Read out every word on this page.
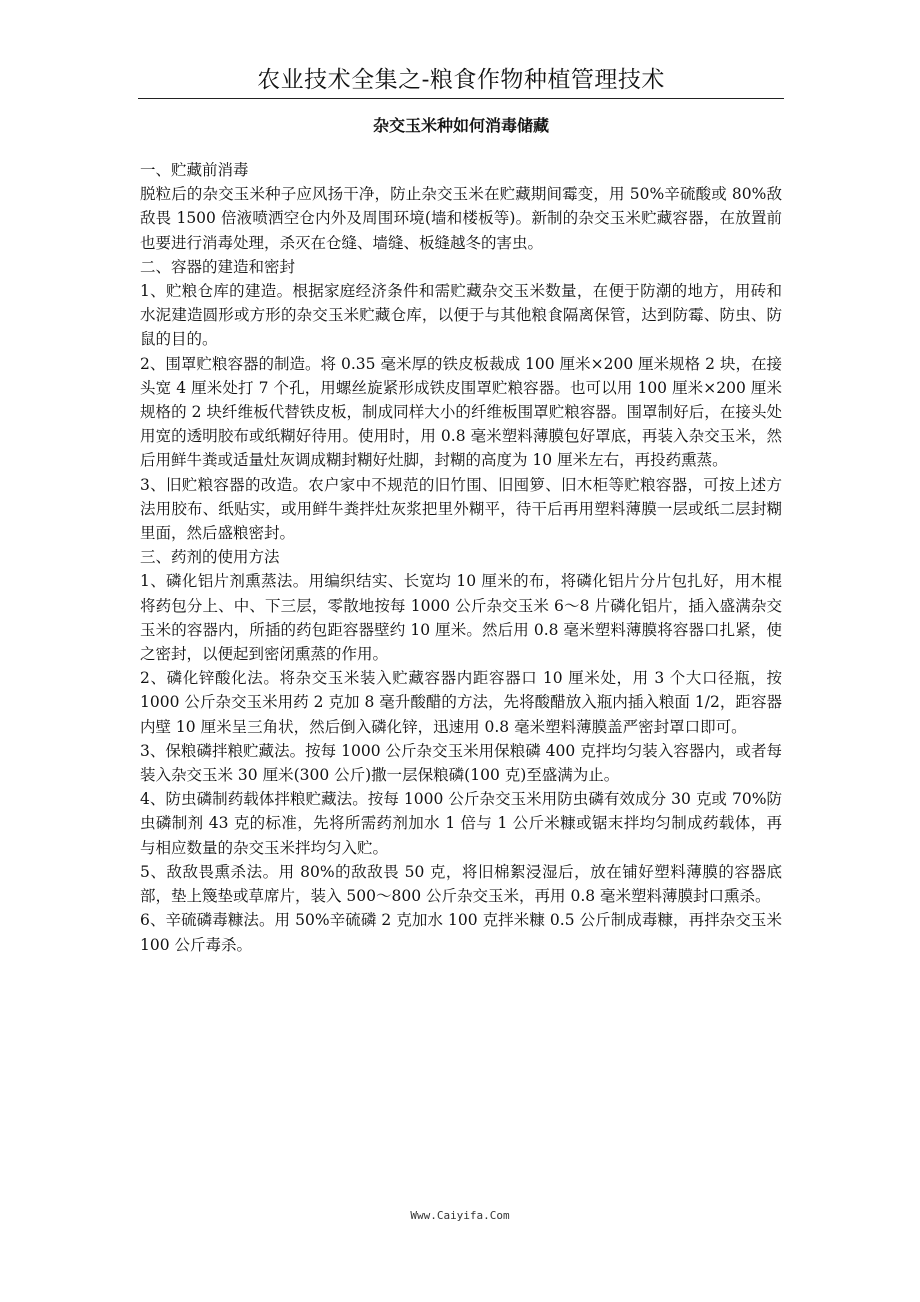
农业技术全集之-粮食作物种植管理技术
杂交玉米种如何消毒储藏

一、贮藏前消毒

脱粒后的杂交玉米种子应风扬干净，防止杂交玉米在贮藏期间霉变，用 50%辛硫酸或 80%敌敌畏 1500 倍液喷洒空仓内外及周围环境(墙和楼板等)。新制的杂交玉米贮藏容器，在放置前也要进行消毒处理，杀灭在仓缝、墙缝、板缝越冬的害虫。

二、容器的建造和密封

1、贮粮仓库的建造。根据家庭经济条件和需贮藏杂交玉米数量，在便于防潮的地方，用砖和水泥建造圆形或方形的杂交玉米贮藏仓库，以便于与其他粮食隔离保管，达到防霉、防虫、防鼠的目的。

2、围罩贮粮容器的制造。将 0.35 毫米厚的铁皮板裁成 100 厘米×200 厘米规格 2 块，在接头宽 4 厘米处打 7 个孔，用螺丝旋紧形成铁皮围罩贮粮容器。也可以用 100 厘米×200 厘米规格的 2 块纤维板代替铁皮板，制成同样大小的纤维板围罩贮粮容器。围罩制好后，在接头处用宽的透明胶布或纸糊好待用。使用时，用 0.8 毫米塑料薄膜包好罩底，再装入杂交玉米，然后用鲜牛粪或适量灶灰调成糊封糊好灶脚，封糊的高度为 10 厘米左右，再投药熏蒸。

3、旧贮粮容器的改造。农户家中不规范的旧竹围、旧囤箩、旧木柜等贮粮容器，可按上述方法用胶布、纸贴实，或用鲜牛粪拌灶灰浆把里外糊平，待干后再用塑料薄膜一层或纸二层封糊里面，然后盛粮密封。

三、药剂的使用方法

1、磷化铝片剂熏蒸法。用编织结实、长宽均 10 厘米的布，将磷化铝片分片包扎好，用木棍将药包分上、中、下三层，零散地按每 1000 公斤杂交玉米 6～8 片磷化铝片，插入盛满杂交玉米的容器内，所插的药包距容器壁约 10 厘米。然后用 0.8 毫米塑料薄膜将容器口扎紧，使之密封，以便起到密闭熏蒸的作用。

2、磷化锌酸化法。将杂交玉米装入贮藏容器内距容器口 10 厘米处，用 3 个大口径瓶，按 1000 公斤杂交玉米用药 2 克加 8 毫升酸醋的方法，先将酸醋放入瓶内插入粮面 1/2，距容器内壁 10 厘米呈三角状，然后倒入磷化锌，迅速用 0.8 毫米塑料薄膜盖严密封罩口即可。

3、保粮磷拌粮贮藏法。按每 1000 公斤杂交玉米用保粮磷 400 克拌均匀装入容器内，或者每装入杂交玉米 30 厘米(300 公斤)撒一层保粮磷(100 克)至盛满为止。

4、防虫磷制药载体拌粮贮藏法。按每 1000 公斤杂交玉米用防虫磷有效成分 30 克或 70%防虫磷制剂 43 克的标准，先将所需药剂加水 1 倍与 1 公斤米糠或锯末拌均匀制成药载体，再与相应数量的杂交玉米拌均匀入贮。

5、敌敌畏熏杀法。用 80%的敌敌畏 50 克，将旧棉絮浸湿后，放在铺好塑料薄膜的容器底部，垫上篾垫或草席片，装入 500～800 公斤杂交玉米，再用 0.8 毫米塑料薄膜封口熏杀。

6、辛硫磷毒糠法。用 50%辛硫磷 2 克加水 100 克拌米糠 0.5 公斤制成毒糠，再拌杂交玉米 100 公斤毒杀。

Www.Caiyifa.Com
